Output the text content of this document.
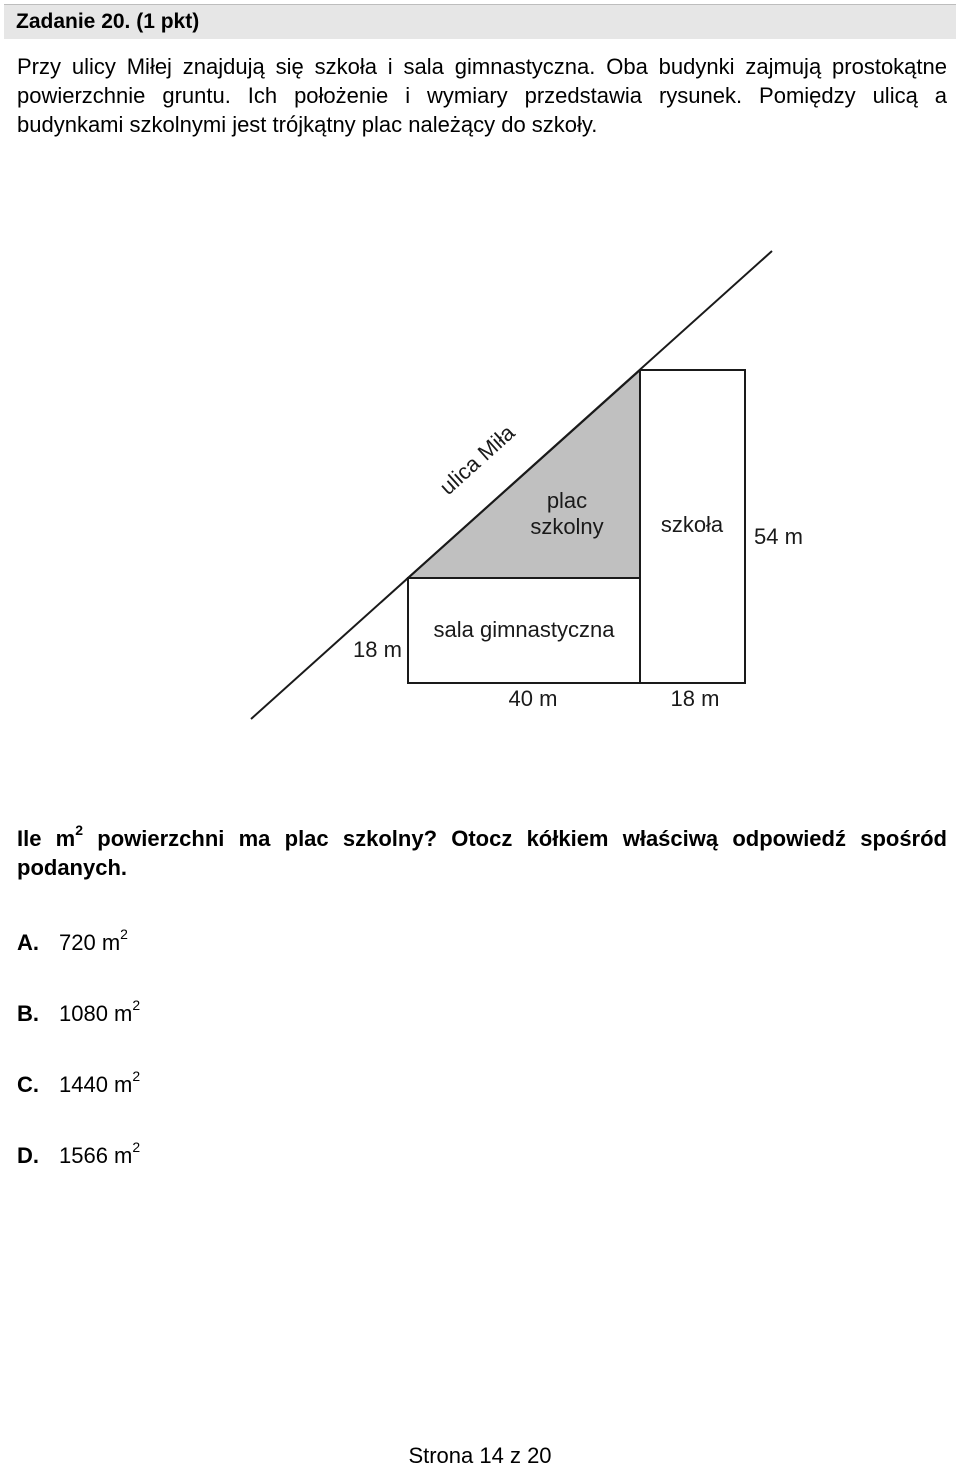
Zadanie 20. (1 pkt)

Przy ulicy Miłej znajdują się szkoła i sala gimnastyczna. Oba budynki zajmują prostokątne powierzchnie gruntu. Ich położenie i wymiary przedstawia rysunek. Pomiędzy ulicą a budynkami szkolnymi jest trójkątny plac należący do szkoły.

ulica Miła
plac
szkolny	szkoła 54 m
sala gimnastyczna
18 m
40 m	18 m

Ile $m^2$ powierzchni ma plac szkolny? Otocz kółkiem właściwą odpowiedź spośród podanych.

A. 720 $m^2$
B. 1080 $m^2$
C. 1440 $m^2$
D. 1566 $m^2$
Strona 14 z 20
